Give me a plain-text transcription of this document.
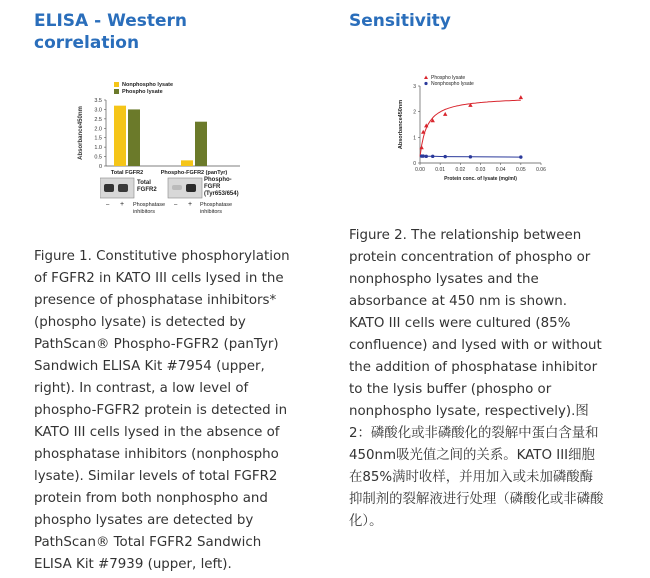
ELISA - Western
correlation

Figure 1. Constitutive phosphorylation
of FGFR2 in KATO III cells lysed in the
presence of phosphatase inhibitors*
(phospho lysate) is detected by
PathScan® Phospho-FGFR2 (panTyr)
Sandwich ELISA Kit #7954 (upper,
right). In contrast, a low level of
phospho-FGFR2 protein is detected in
KATO III cells lysed in the absence of
phosphatase inhibitors (nonphospho
lysate). Similar levels of total FGFR2
protein from both nonphospho and
phospho lysates are detected by
PathScan® Total FGFR2 Sandwich
ELISA Kit #7939 (upper, left).

Sensitivity

Figure 2. The relationship between
protein concentration of phospho or
nonphospho lysates and the
absorbance at 450 nm is shown.
KATO III cells were cultured (85%
confluence) and lysed with or without
the addition of phosphatase inhibitor
to the lysis buffer (phospho or
nonphospho lysate, respectively).图
2：磷酸化或非磷酸化的裂解中蛋白含量和
450nm吸光值之间的关系。KATO III细胞
在85%满时收样，并用加入或未加磷酸酶
抑制剂的裂解液进行处理（磷酸化或非磷酸
化）。

0
0.5
1.0
1.5
2.0
2.5
3.0
3.5
Absorbance450nm
Total FGFR2	Phospho-FGFR2 (panTyr)
Nonphospho lysate
Phospho lysate
Total
FGFR2
Phospho-
FGFR
(Tyr653/654)
– + Phosphatase
inhibitors
– + Phosphatase
inhibitors
0.00 0.01 0.02 0.03 0.04 0.05 0.06
0
1
2
3
Protein conc. of lysate (mg/ml)
Absorbance450nm
Phospho lysate
Nonphospho lysate
